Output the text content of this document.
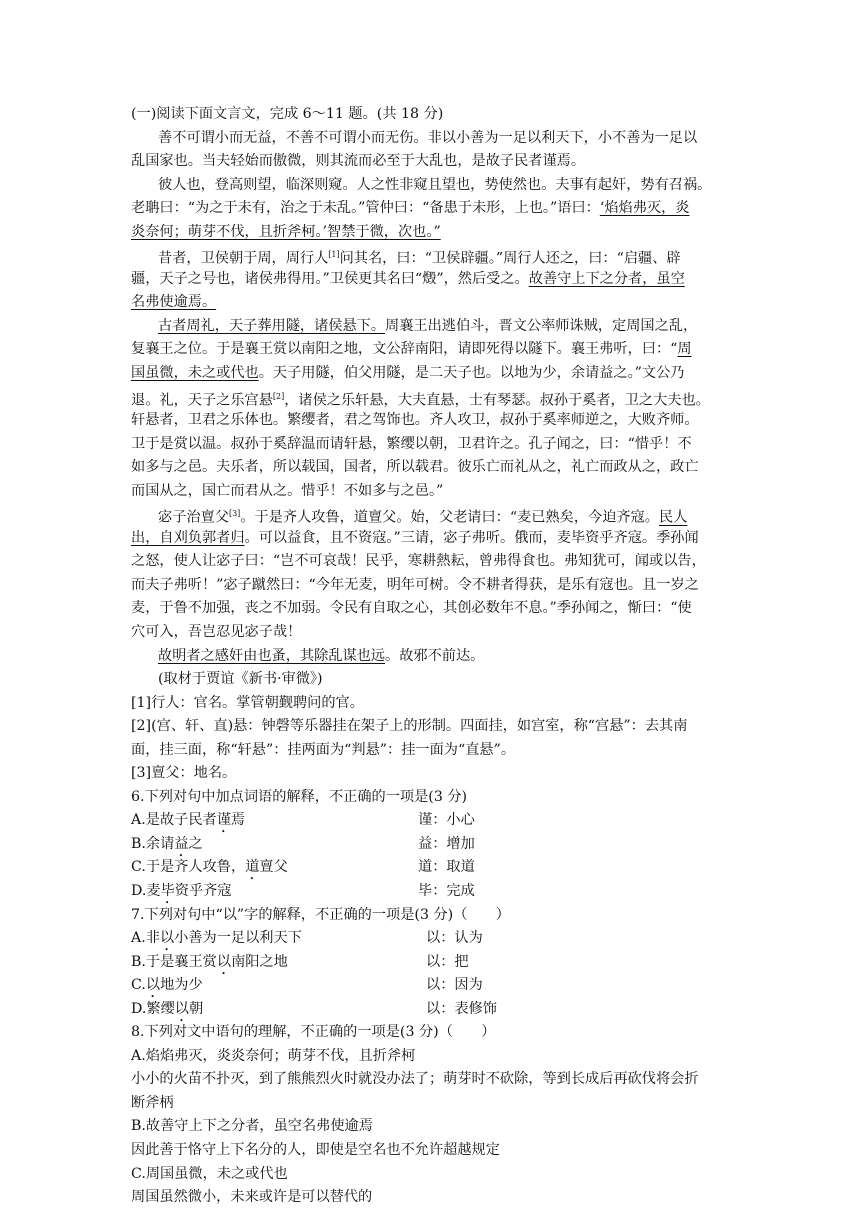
(一)阅读下面文言文，完成 6～11 题。(共 18 分)
善不可谓小而无益，不善不可谓小而无伤。非以小善为一足以利天下，小不善为一足以
乱国家也。当夫轻始而傲微，则其流而必至于大乱也，是故子民者谨焉。
彼人也，登高则望，临深则窥。人之性非窥且望也，势使然也。夫事有起奸，势有召祸。
老聃曰：“为之于未有，治之于未乱。”管仲曰：“备患于未形，上也。”语曰：‘焰焰弗灭，炎
炎奈何；萌芽不伐，且折斧柯。’智禁于微，次也。”
昔者，卫侯朝于周，周行人[1]问其名，曰：“卫侯辟疆。”周行人还之，曰：“启疆、辟
疆，天子之号也，诸侯弗得用。”卫侯更其名曰“燬”，然后受之。故善守上下之分者，虽空
名弗使逾焉。
古者周礼，天子葬用隧，诸侯悬下。周襄王出逃伯斗，晋文公率师诛贼，定周国之乱，
复襄王之位。于是襄王赏以南阳之地，文公辞南阳，请即死得以隧下。襄王弗听，曰：“周
国虽微，未之或代也。天子用隧，伯父用隧，是二天子也。以地为少，余请益之。”文公乃
退。礼，天子之乐宫悬[2]，诸侯之乐轩悬，大夫直悬，士有琴瑟。叔孙于奚者，卫之大夫也。
轩悬者，卫君之乐体也。繁缨者，君之驾饰也。齐人攻卫，叔孙于奚率师逆之，大败齐师。
卫于是赏以温。叔孙于奚辞温而请轩悬，繁缨以朝，卫君许之。孔子闻之，曰：“惜乎！不
如多与之邑。夫乐者，所以载国，国者，所以载君。彼乐亡而礼从之，礼亡而政从之，政亡
而国从之，国亡而君从之。惜乎！不如多与之邑。”
宓子治亶父[3]。于是齐人攻鲁，道亶父。始，父老请曰：“麦已熟矣，今迫齐寇。民人
出，自刈负郭者归。可以益食，且不资寇。”三请，宓子弗听。俄而，麦毕资乎齐寇。季孙闻
之怒，使人让宓子曰：“岂不可哀哉！民乎，寒耕熱耘，曾弗得食也。弗知犹可，闻或以告，
而夫子弗听！”宓子蹴然曰：“今年无麦，明年可树。令不耕者得获，是乐有寇也。且一岁之
麦，于鲁不加强，丧之不加弱。令民有自取之心，其创必数年不息。”季孙闻之，惭曰：“使
穴可入，吾岂忍见宓子哉！
故明者之感奸由也蚤，其除乱谋也远。故邪不前达。
(取材于贾谊《新书·审微》)
[1]行人：官名。掌管朝觐聘问的官。
[2](宫、轩、直)悬：钟磬等乐器挂在架子上的形制。四面挂，如宫室，称“宫悬”：去其南
面，挂三面，称“轩悬”：挂两面为“判悬”：挂一面为“直悬”。
[3]亶父：地名。
6.下列对句中加点词语的解释，不正确的一项是(3 分)
A.是故子民者谨焉	谨：小心
B.余请益之	益：增加
C.于是齐人攻鲁，道亶父	道：取道
D.麦毕资乎齐寇	毕：完成
7.下列对句中“以”字的解释，不正确的一项是(3 分)（　　）
A.非以小善为一足以利天下	以：认为
B.于是襄王赏以南阳之地	以：把
C.以地为少	以：因为
D.繁缨以朝	以：表修饰
8.下列对文中语句的理解，不正确的一项是(3 分)（　　）
A.焰焰弗灭，炎炎奈何；萌芽不伐，且折斧柯
小小的火苗不扑灭，到了熊熊烈火时就没办法了；萌芽时不砍除，等到长成后再砍伐将会折
断斧柄
B.故善守上下之分者，虽空名弗使逾焉
因此善于恪守上下名分的人，即使是空名也不允许超越规定
C.周国虽微，未之或代也
周国虽然微小，未来或许是可以替代的
